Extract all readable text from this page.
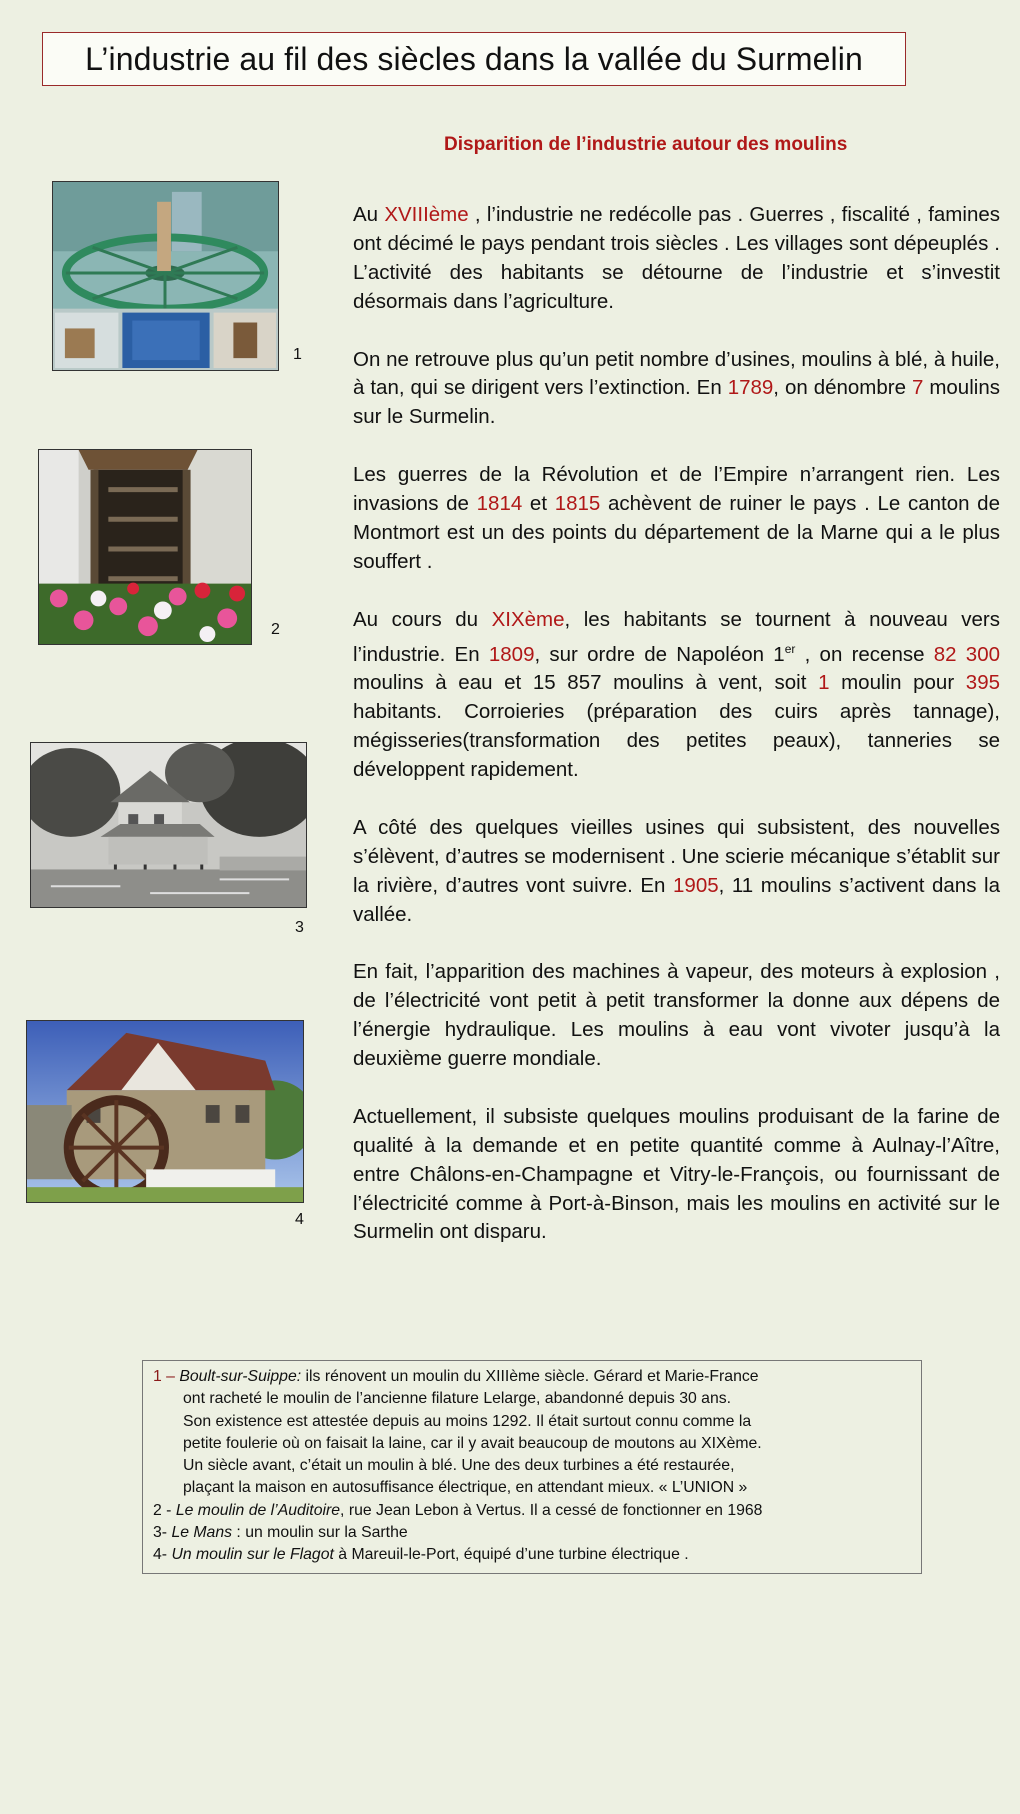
L’industrie au fil des siècles dans la vallée du Surmelin
Disparition de l’industrie autour des moulins
1
2
3
4

Au XVIIIème , l’industrie ne redécolle pas . Guerres , fiscalité , famines ont décimé le pays pendant trois siècles . Les villages sont dépeuplés . L’activité des habitants se détourne de l’industrie et s’investit désormais dans l’agriculture.

On ne retrouve plus qu’un petit nombre d’usines, moulins à blé, à huile, à tan, qui se dirigent vers l’extinction. En 1789, on dénombre 7 moulins sur le Surmelin.

Les guerres de la Révolution et de l’Empire n’arrangent rien. Les invasions de 1814 et 1815 achèvent de ruiner le pays . Le canton de Montmort est un des points du département de la Marne qui a le plus souffert .

Au cours du XIXème, les habitants se tournent à nouveau vers l’industrie. En 1809, sur ordre de Napoléon 1er , on recense 82 300 moulins à eau et 15 857 moulins à vent, soit 1 moulin pour 395 habitants. Corroieries (préparation des cuirs après tannage), mégisseries(transformation des petites peaux), tanneries se développent rapidement.

A côté des quelques vieilles usines qui subsistent, des nouvelles s’élèvent, d’autres se modernisent . Une scierie mécanique s’établit sur la rivière, d’autres vont suivre. En 1905, 11 moulins s’activent dans la vallée.

En fait, l’apparition des machines à vapeur, des moteurs à explosion , de l’électricité vont petit à petit transformer la donne aux dépens de l’énergie hydraulique. Les moulins à eau vont vivoter jusqu’à la deuxième guerre mondiale.

Actuellement, il subsiste quelques moulins produisant de la farine de qualité à la demande et en petite quantité comme à Aulnay-l’Aître, entre Châlons-en-Champagne et Vitry-le-François, ou fournissant de l’électricité comme à Port-à-Binson, mais les moulins en activité sur le Surmelin ont disparu.

1 – Boult-sur-Suippe: ils rénovent un moulin du XIIIème siècle. Gérard et Marie-France
ont racheté le moulin de l’ancienne filature Lelarge, abandonné depuis 30 ans.
Son existence est attestée depuis au moins 1292. Il était surtout connu comme la
petite foulerie où on faisait la laine, car il y avait beaucoup de moutons au XIXème.
Un siècle avant, c’était un moulin à blé. Une des deux turbines a été restaurée,
plaçant la maison en autosuffisance électrique, en attendant mieux. « L’UNION »
2 - Le moulin de l’Auditoire, rue Jean Lebon à Vertus. Il a cessé de fonctionner en 1968
3- Le Mans : un moulin sur la Sarthe
4- Un moulin sur le Flagot à Mareuil-le-Port, équipé d’une turbine électrique .
